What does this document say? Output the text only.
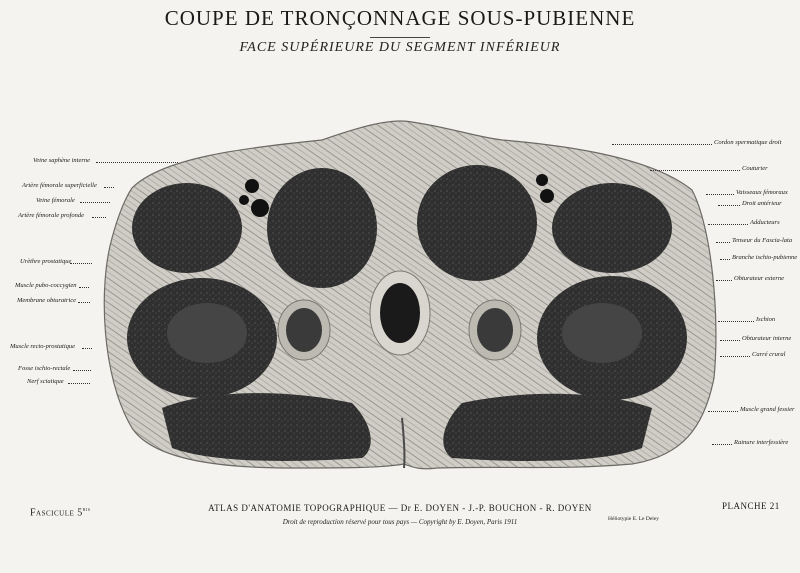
COUPE DE TRONÇONNAGE SOUS-PUBIENNE
FACE SUPÉRIEURE DU SEGMENT INFÉRIEUR
Veine saphène interne
Artère fémorale superficielle
Veine fémorale
Artère fémorale profonde
Urèthre prostatique
Muscle pubo-coccygien
Membrane obturatrice
Muscle recto-prostatique
Fosse ischio-rectale
Nerf sciatique
Cordon spermatique droit
Couturier
Vaisseaux fémoraux
Droit antérieur
Adducteurs
Tenseur du Fascia-lata
Branche ischio-pubienne
Obturateur externe
Ischion
Obturateur interne
Carré crural
Muscle grand fessier
Rainure interfessière
Fascicule $5^{bis}$	ATLAS D'ANATOMIE TOPOGRAPHIQUE — Dr E. DOYEN - J.-P. BOUCHON - R. DOYEN
Droit de reproduction réservé pour tous pays — Copyright by E. Doyen, Paris 1911
PLANCHE 21
Héliotypie E. Le Deley
